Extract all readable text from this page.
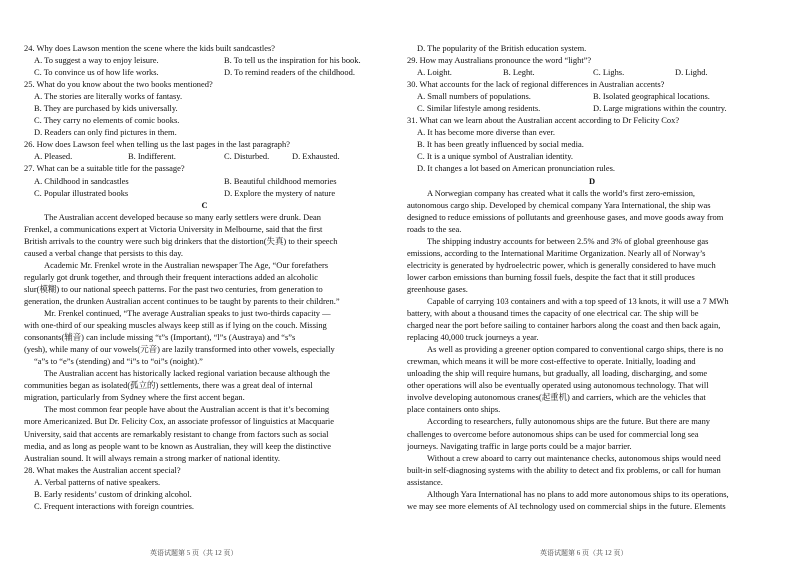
24. Why does Lawson mention the scene where the kids built sandcastles?
A. To suggest a way to enjoy leisure.	B. To tell us the inspiration for his book.
C. To convince us of how life works.	D. To remind readers of the childhood.
25. What do you know about the two books mentioned?
A. The stories are literally works of fantasy.
B. They are purchased by kids universally.
C. They carry no elements of comic books.
D. Readers can only find pictures in them.
26. How does Lawson feel when telling us the last pages in the last paragraph?
A. Pleased.	B. Indifferent.	C. Disturbed.	D. Exhausted.
27. What can be a suitable title for the passage?
A. Childhood in sandcastles	B. Beautiful childhood memories
C. Popular illustrated books	D. Explore the mystery of nature
C
The Australian accent developed because so many early settlers were drunk. Dean
Frenkel, a communications expert at Victoria University in Melbourne, said that the first
British arrivals to the country were such big drinkers that the distortion(失真) to their speech
caused a verbal change that persists to this day.
Academic Mr. Frenkel wrote in the Australian newspaper The Age, “Our forefathers
regularly got drunk together, and through their frequent interactions added an alcoholic
slur(模糊) to our national speech patterns. For the past two centuries, from generation to
generation, the drunken Australian accent continues to be taught by parents to their children.”
Mr. Frenkel continued, “The average Australian speaks to just two-thirds capacity —
with one-third of our speaking muscles always keep still as if lying on the couch. Missing
consonants(辅音) can include missing “t”s (Important), “l”s (Austraya) and “s”s
(yesh), while many of our vowels(元音) are lazily transformed into other vowels, especially
“a”s to “e”s (stending) and “i”s to “oi”s (noight).”
The Australian accent has historically lacked regional variation because although the
communities began as isolated(孤立的) settlements, there was a great deal of internal
migration, particularly from Sydney where the first accent began.
The most common fear people have about the Australian accent is that it’s becoming
more Americanized. But Dr. Felicity Cox, an associate professor of linguistics at Macquarie
University, said that accents are remarkably resistant to change from factors such as social
media, and as long as people want to be known as Australian, they will keep the distinctive
Australian sound. It will always remain a strong marker of national identity.
28. What makes the Australian accent special?
A. Verbal patterns of native speakers.
B. Early residents’ custom of drinking alcohol.
C. Frequent interactions with foreign countries.
D. The popularity of the British education system.
29. How may Australians pronounce the word “light”?
A. Loight.	B. Leght.	C. Lighs.	D. Lighd.
30. What accounts for the lack of regional differences in Australian accents?
A. Small numbers of populations.	B. Isolated geographical locations.
C. Similar lifestyle among residents.	D. Large migrations within the country.
31. What can we learn about the Australian accent according to Dr Felicity Cox?
A. It has become more diverse than ever.
B. It has been greatly influenced by social media.
C. It is a unique symbol of Australian identity.
D. It changes a lot based on American pronunciation rules.
D
A Norwegian company has created what it calls the world’s first zero-emission,
autonomous cargo ship. Developed by chemical company Yara International, the ship was
designed to reduce emissions of pollutants and greenhouse gases, and move goods away from
roads to the sea.
The shipping industry accounts for between 2.5% and 3% of global greenhouse gas
emissions, according to the International Maritime Organization. Nearly all of Norway’s
electricity is generated by hydroelectric power, which is generally considered to have much
lower carbon emissions than burning fossil fuels, despite the fact that it still produces
greenhouse gases.
Capable of carrying 103 containers and with a top speed of 13 knots, it will use a 7 MWh
battery, with about a thousand times the capacity of one electrical car. The ship will be
charged near the port before sailing to container harbors along the coast and then back again,
replacing 40,000 truck journeys a year.
As well as providing a greener option compared to conventional cargo ships, there is no
crewman, which means it will be more cost-effective to operate. Initially, loading and
unloading the ship will require humans, but gradually, all loading, discharging, and some
other operations will also be eventually operated using autonomous technology. That will
involve developing autonomous cranes(起重机) and carriers, which are the vehicles that
place containers onto ships.
According to researchers, fully autonomous ships are the future. But there are many
challenges to overcome before autonomous ships can be used for commercial long sea
journeys. Navigating traffic in large ports could be a major barrier.
Without a crew aboard to carry out maintenance checks, autonomous ships would need
built-in self-diagnosing systems with the ability to detect and fix problems, or call for human
assistance.
Although Yara International has no plans to add more autonomous ships to its operations,
we may see more elements of AI technology used on commercial ships in the future. Elements
英语试题第 5 页（共 12 页）	英语试题第 6 页（共 12 页）
